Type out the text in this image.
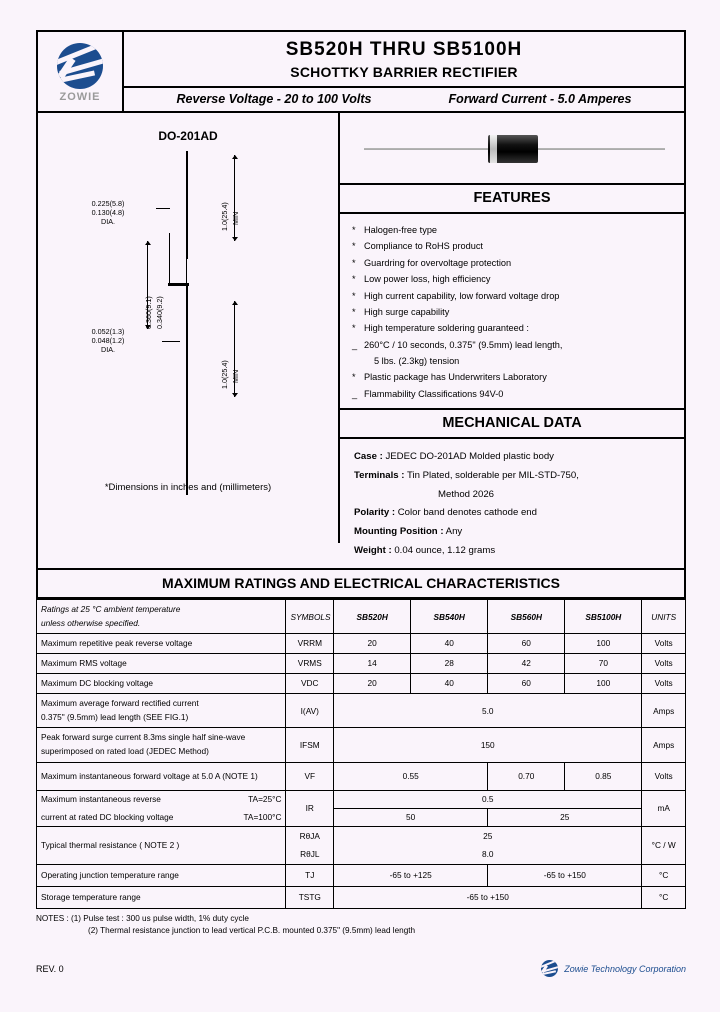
ZOWIE
SB520H THRU SB5100H
SCHOTTKY BARRIER RECTIFIER
Reverse Voltage - 20 to 100 Volts	Forward Current - 5.0 Amperes
DO-201AD
0.225(5.8)
0.130(4.8)
DIA.
0.360(9.1) 0.340(9.2)
1.0(25.4) MIN
1.0(25.4) MIN
0.052(1.3)
0.048(1.2)
DIA.
*Dimensions in inches and (millimeters)
FEATURES
* Halogen-free type
* Compliance to RoHS product
* Guardring for overvoltage protection
* Low power loss, high efficiency
* High current capability, low forward voltage drop
* High surge capability
* High temperature soldering guaranteed :
_ 260°C / 10 seconds, 0.375" (9.5mm) lead length,
5 lbs. (2.3kg) tension
* Plastic package has Underwriters Laboratory
_ Flammability Classifications 94V-0
MECHANICAL DATA
Case : JEDEC DO-201AD Molded plastic body
Terminals : Tin Plated, solderable per MIL-STD-750,
Method 2026
Polarity : Color band denotes cathode end
Mounting Position : Any
Weight : 0.04 ounce, 1.12 grams
MAXIMUM RATINGS AND ELECTRICAL CHARACTERISTICS
Ratings at 25 °C ambient temperature
unless otherwise specified.	SYMBOLS	SB520H	SB540H	SB560H	SB5100H	UNITS
Maximum repetitive peak reverse voltage	VRRM	20	40	60	100	Volts
Maximum RMS voltage	VRMS	14	28	42	70	Volts
Maximum DC blocking voltage	VDC	20	40	60	100	Volts

Maximum average forward rectified current
0.375" (9.5mm) lead length (SEE FIG.1)	I(AV)	5.0				Amps

Peak forward surge current 8.3ms single half sine-wave
superimposed on rated load (JEDEC Method)	IFSM	150				Amps
Maximum instantaneous forward voltage at 5.0 A (NOTE 1)	VF	0.55		0.70	0.85	Volts

Maximum instantaneous reverse TA=25°C	IR	0.5				mA

current at rated DC blocking voltage TA=100°C		50		25		
Typical thermal resistance ( NOTE 2 )	RθJA	25				°C / W
	RθJL	8.0				
Operating junction temperature range	TJ	-65 to +125		-65 to +150		°C
Storage temperature range	TSTG	-65 to +150				°C
NOTES : (1) Pulse test : 300 us pulse width, 1% duty cycle
(2) Thermal resistance junction to lead vertical P.C.B. mounted 0.375" (9.5mm) lead length
REV. 0	Zowie Technology Corporation
